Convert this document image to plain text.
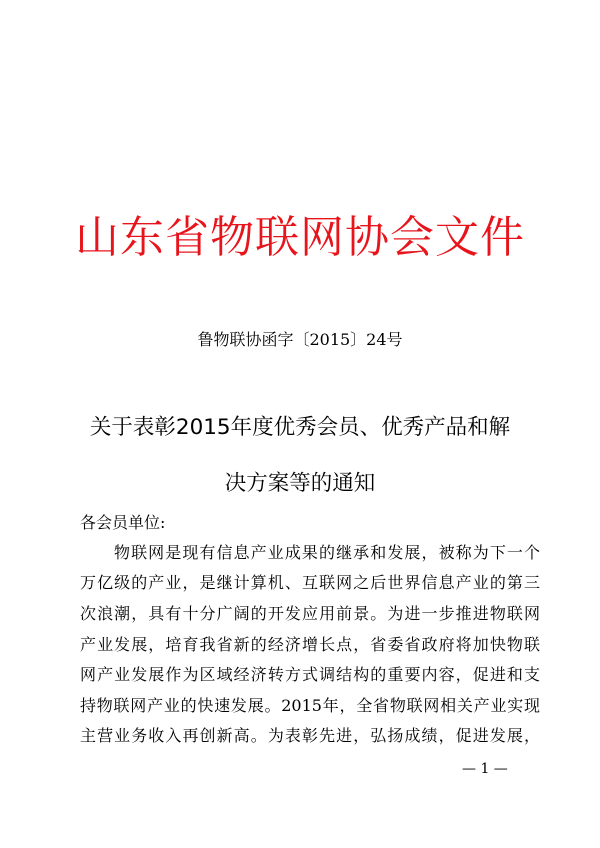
山东省物联网协会文件
鲁物联协函字〔2015〕24号
关于表彰2015年度优秀会员、优秀产品和解
决方案等的通知
各会员单位:
物联网是现有信息产业成果的继承和发展，被称为下一个
万亿级的产业，是继计算机、互联网之后世界信息产业的第三
次浪潮，具有十分广阔的开发应用前景。为进一步推进物联网
产业发展，培育我省新的经济增长点，省委省政府将加快物联
网产业发展作为区域经济转方式调结构的重要内容，促进和支
持物联网产业的快速发展。2015年，全省物联网相关产业实现
主营业务收入再创新高。为表彰先进，弘扬成绩，促进发展，
— 1 —
